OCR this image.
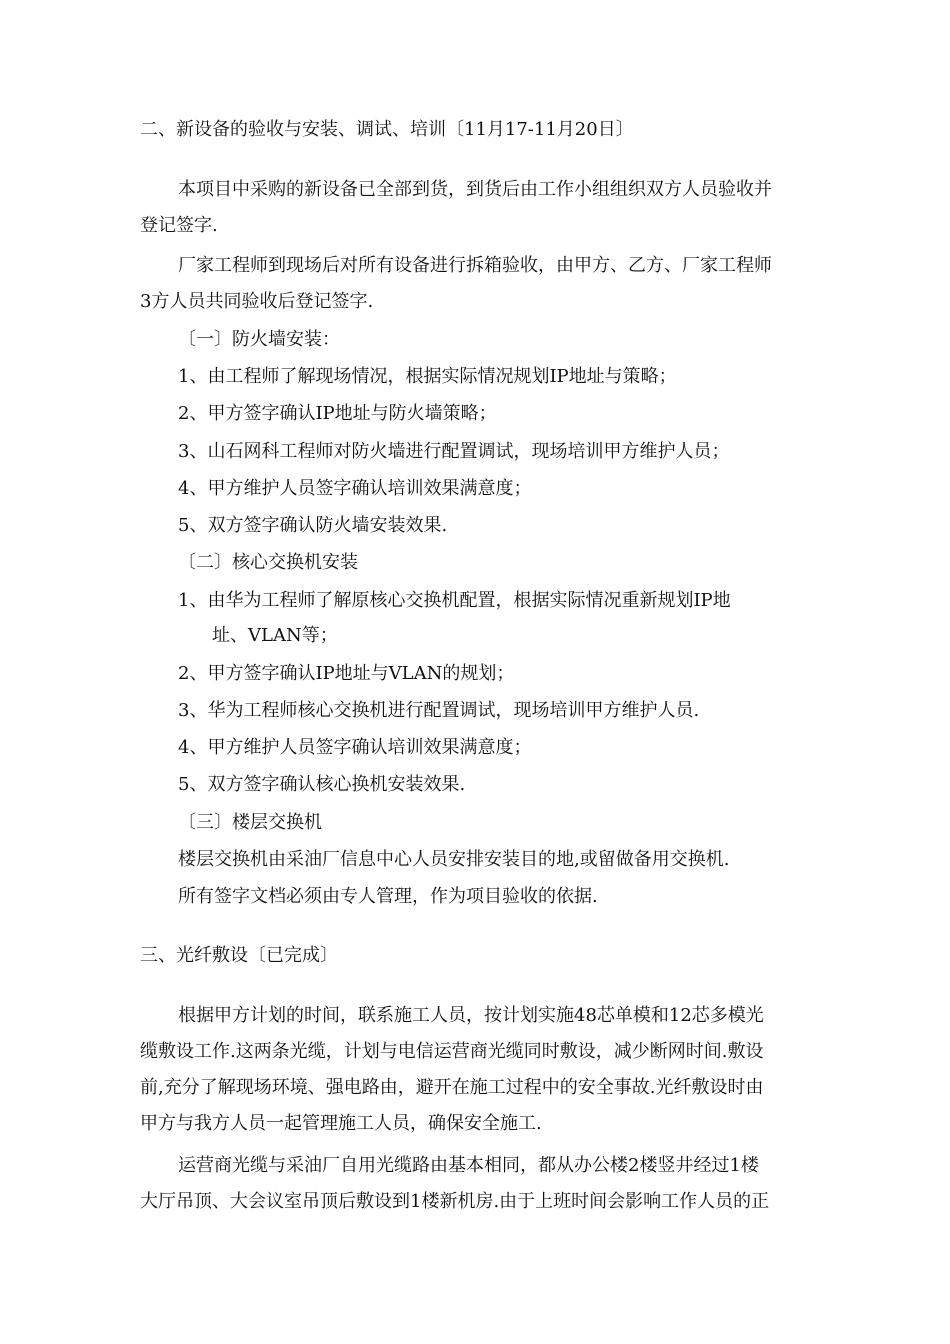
二、新设备的验收与安装、调试、培训〔11月17-11月20日〕
本项目中采购的新设备已全部到货，到货后由工作小组组织双方人员验收并
登记签字.
厂家工程师到现场后对所有设备进行拆箱验收，由甲方、乙方、厂家工程师
3方人员共同验收后登记签字.
〔一〕防火墙安装：
1、由工程师了解现场情况，根据实际情况规划IP地址与策略；
2、甲方签字确认IP地址与防火墙策略；
3、山石网科工程师对防火墙进行配置调试，现场培训甲方维护人员；
4、甲方维护人员签字确认培训效果满意度；
5、双方签字确认防火墙安装效果.
〔二〕核心交换机安装
1、由华为工程师了解原核心交换机配置，根据实际情况重新规划IP地
址、VLAN等；
2、甲方签字确认IP地址与VLAN的规划；
3、华为工程师核心交换机进行配置调试，现场培训甲方维护人员.
4、甲方维护人员签字确认培训效果满意度；
5、双方签字确认核心换机安装效果.
〔三〕楼层交换机
楼层交换机由采油厂信息中心人员安排安装目的地,或留做备用交换机.
所有签字文档必须由专人管理，作为项目验收的依据.
三、光纤敷设〔已完成〕
根据甲方计划的时间，联系施工人员，按计划实施48芯单模和12芯多模光
缆敷设工作.这两条光缆，计划与电信运营商光缆同时敷设，减少断网时间.敷设
前,充分了解现场环境、强电路由，避开在施工过程中的安全事故.光纤敷设时由
甲方与我方人员一起管理施工人员，确保安全施工.
运营商光缆与采油厂自用光缆路由基本相同，都从办公楼2楼竖井经过1楼
大厅吊顶、大会议室吊顶后敷设到1楼新机房.由于上班时间会影响工作人员的正
